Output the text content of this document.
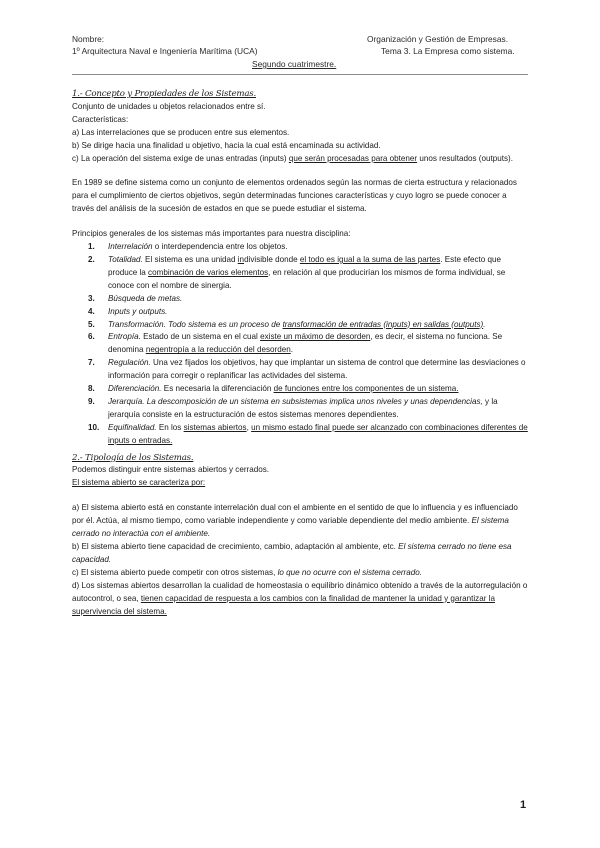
Nombre:
1º Arquitectura Naval e Ingeniería Marítima (UCA)
Organización y Gestión de Empresas.
Tema 3. La Empresa como sistema.
Segundo cuatrimestre.

1.- Concepto y Propiedades de los Sistemas.

Conjunto de unidades u objetos relacionados entre sí.

Características:

a) Las interrelaciones que se producen entre sus elementos.

b) Se dirige hacia una finalidad u objetivo, hacia la cual está encaminada su actividad.

c) La operación del sistema exige de unas entradas (inputs) que serán procesadas para obtener unos resultados (outputs).

En 1989 se define sistema como un conjunto de elementos ordenados según las normas de cierta estructura y relacionados para el cumplimiento de ciertos objetivos, según determinadas funciones características y cuyo logro se puede conocer a través del análisis de la sucesión de estados en que se puede estudiar el sistema.

Principios generales de los sistemas más importantes para nuestra disciplina:

1. Interrelación o interdependencia entre los objetos.
2. Totalidad. El sistema es una unidad indivisible donde el todo es igual a la suma de las partes. Este efecto que produce la combinación de varios elementos, en relación al que producirían los mismos de forma individual, se conoce con el nombre de sinergia.
3. Búsqueda de metas.
4. Inputs y outputs.
5. Transformación. Todo sistema es un proceso de transformación de entradas (inputs) en salidas (outputs).
6. Entropía. Estado de un sistema en el cual existe un máximo de desorden, es decir, el sistema no funciona. Se denomina negentropía a la reducción del desorden.
7. Regulación. Una vez fijados los objetivos, hay que implantar un sistema de control que determine las desviaciones o información para corregir o replanificar las actividades del sistema.
8. Diferenciación. Es necesaria la diferenciación de funciones entre los componentes de un sistema.
9. Jerarquía. La descomposición de un sistema en subsistemas implica unos niveles y unas dependencias, y la jerarquía consiste en la estructuración de estos sistemas menores dependientes.
10. Equifinalidad. En los sistemas abiertos, un mismo estado final puede ser alcanzado con combinaciones diferentes de inputs o entradas.

2.- Tipología de los Sistemas.

Podemos distinguir entre sistemas abiertos y cerrados.

El sistema abierto se caracteriza por:

a) El sistema abierto está en constante interrelación dual con el ambiente en el sentido de que lo influencia y es influenciado por él. Actúa, al mismo tiempo, como variable independiente y como variable dependiente del medio ambiente. El sistema cerrado no interactúa con el ambiente.

b) El sistema abierto tiene capacidad de crecimiento, cambio, adaptación al ambiente, etc. El sistema cerrado no tiene esa capacidad.

c) El sistema abierto puede competir con otros sistemas, lo que no ocurre con el sistema cerrado.

d) Los sistemas abiertos desarrollan la cualidad de homeostasia o equilibrio dinámico obtenido a través de la autorregulación o autocontrol, o sea, tienen capacidad de respuesta a los cambios con la finalidad de mantener la unidad y garantizar la supervivencia del sistema.

1
